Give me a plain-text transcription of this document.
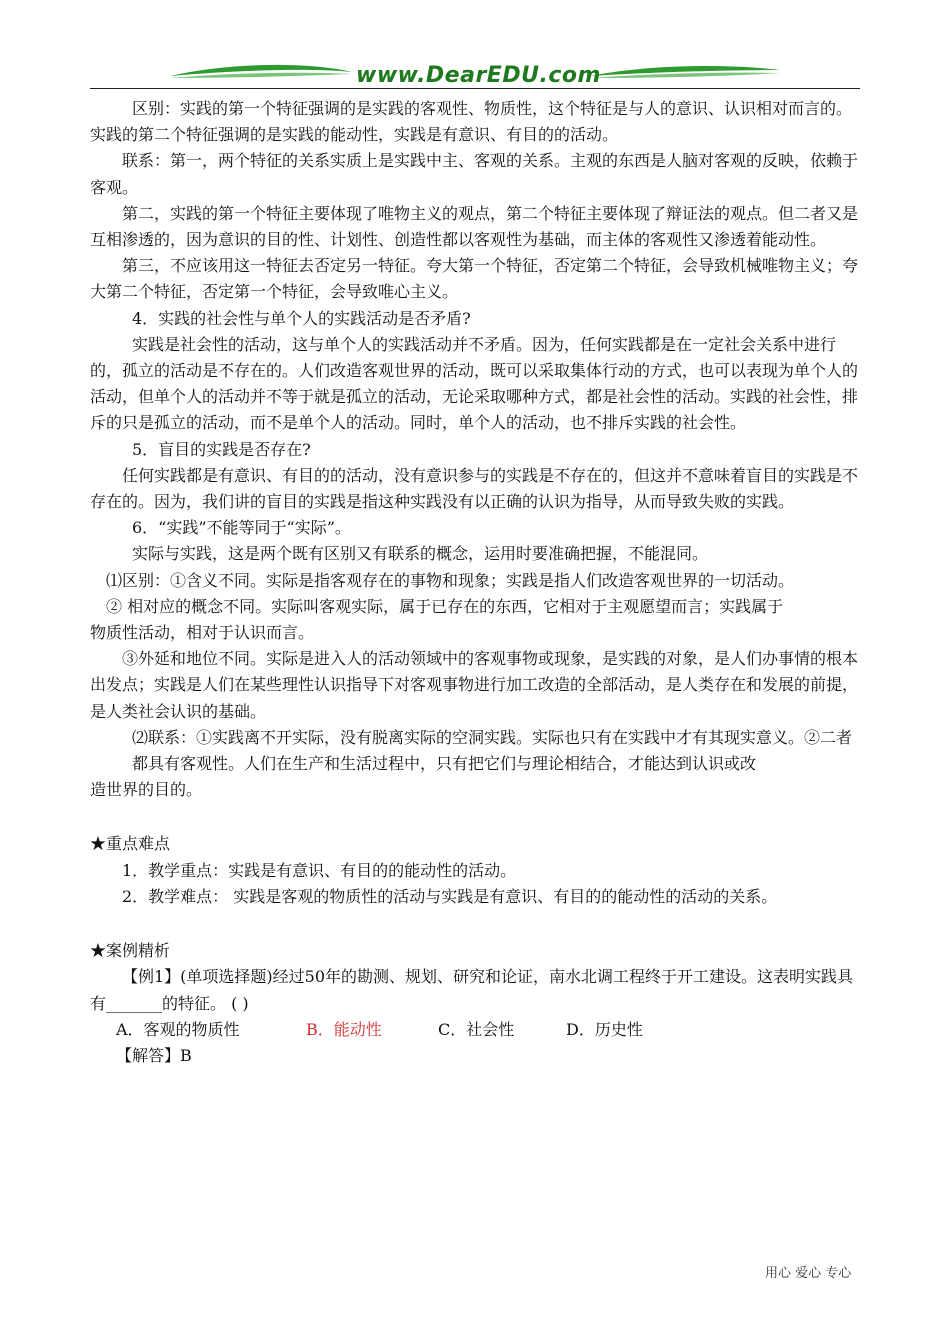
www.DearEDU.com

区别：实践的第一个特征强调的是实践的客观性、物质性，这个特征是与人的意识、认识相对而言的。实践的第二个特征强调的是实践的能动性，实践是有意识、有目的的活动。

联系：第一，两个特征的关系实质上是实践中主、客观的关系。主观的东西是人脑对客观的反映，依赖于客观。

第二，实践的第一个特征主要体现了唯物主义的观点，第二个特征主要体现了辩证法的观点。但二者又是互相渗透的，因为意识的目的性、计划性、创造性都以客观性为基础，而主体的客观性又渗透着能动性。

第三，不应该用这一特征去否定另一特征。夸大第一个特征，否定第二个特征，会导致机械唯物主义；夸大第二个特征，否定第一个特征，会导致唯心主义。

4．实践的社会性与单个人的实践活动是否矛盾?

实践是社会性的活动，这与单个人的实践活动并不矛盾。因为，任何实践都是在一定社会关系中进行的，孤立的活动是不存在的。人们改造客观世界的活动，既可以采取集体行动的方式，也可以表现为单个人的活动，但单个人的活动并不等于就是孤立的活动，无论采取哪种方式，都是社会性的活动。实践的社会性，排斥的只是孤立的活动，而不是单个人的活动。同时，单个人的活动，也不排斥实践的社会性。

5．盲目的实践是否存在?

任何实践都是有意识、有目的的活动，没有意识参与的实践是不存在的，但这并不意味着盲目的实践是不存在的。因为，我们讲的盲目的实践是指这种实践没有以正确的认识为指导，从而导致失败的实践。

6．“实践”不能等同于“实际”。

实际与实践，这是两个既有区别又有联系的概念，运用时要准确把握，不能混同。

⑴区别：①含义不同。实际是指客观存在的事物和现象；实践是指人们改造客观世界的一切活动。

② 相对应的概念不同。实际叫客观实际，属于已存在的东西，它相对于主观愿望而言；实践属于

物质性活动，相对于认识而言。

③外延和地位不同。实际是进入人的活动领域中的客观事物或现象，是实践的对象，是人们办事情的根本出发点；实践是人们在某些理性认识指导下对客观事物进行加工改造的全部活动，是人类存在和发展的前提，是人类社会认识的基础。

⑵联系：①实践离不开实际，没有脱离实际的空洞实践。实际也只有在实践中才有其现实意义。②二者都具有客观性。人们在生产和生活过程中，只有把它们与理论相结合，才能达到认识或改

造世界的目的。

★重点难点

1．教学重点：实践是有意识、有目的的能动性的活动。

2．教学难点： 实践是客观的物质性的活动与实践是有意识、有目的的能动性的活动的关系。

★案例精析

【例1】(单项选择题)经过50年的勘测、规划、研究和论证，南水北调工程终于开工建设。这表明实践具有_______的特征。 ( )

A．客观的物质性	B．能动性	C．社会性	D．历史性

【解答】B

用心 爱心 专心
